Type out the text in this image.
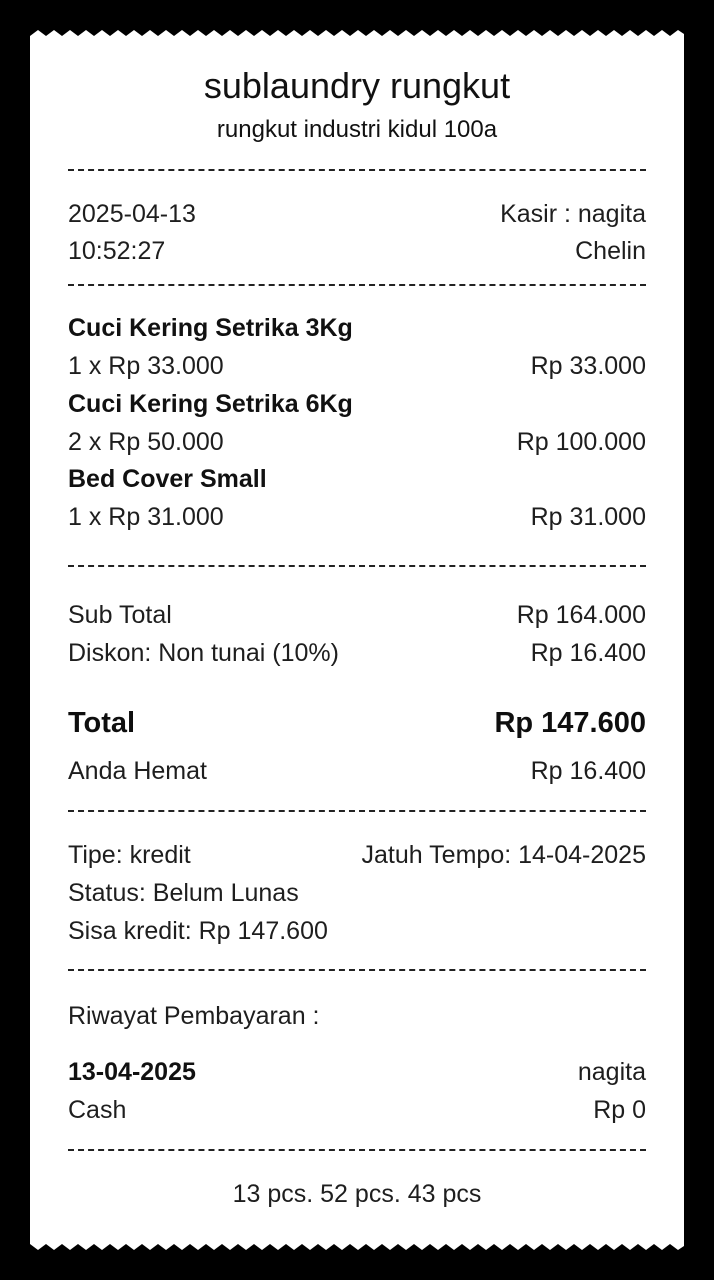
sublaundry rungkut
rungkut industri kidul 100a
2025-04-13	Kasir : nagita
10:52:27	Chelin
Cuci Kering Setrika 3Kg
1 x Rp 33.000	Rp 33.000
Cuci Kering Setrika 6Kg
2 x Rp 50.000	Rp 100.000
Bed Cover Small
1 x Rp 31.000	Rp 31.000
Sub Total	Rp 164.000
Diskon: Non tunai (10%)	Rp 16.400
Total	Rp 147.600
Anda Hemat	Rp 16.400
Tipe: kredit	Jatuh Tempo: 14-04-2025
Status: Belum Lunas
Sisa kredit: Rp 147.600
Riwayat Pembayaran :
13-04-2025	nagita
Cash	Rp 0
13 pcs. 52 pcs. 43 pcs
